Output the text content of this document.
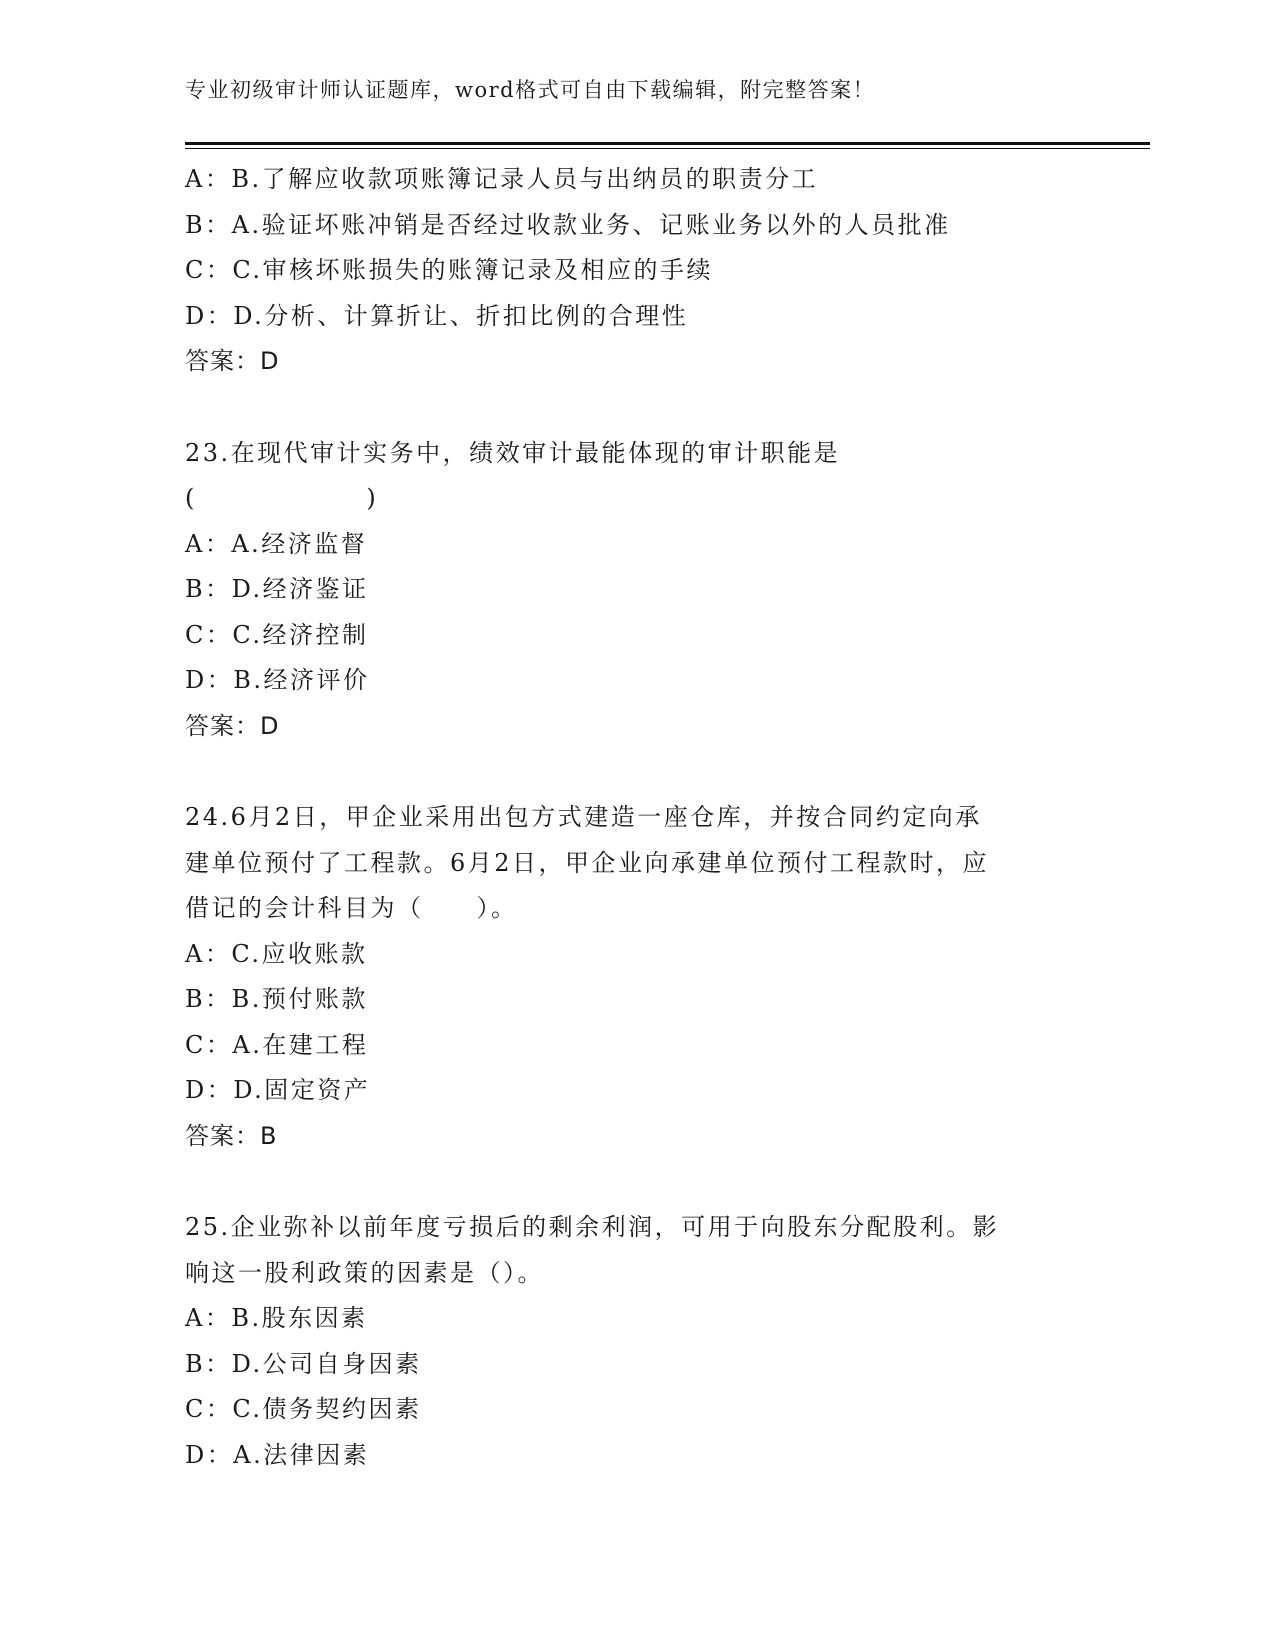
专业初级审计师认证题库，word格式可自由下载编辑，附完整答案！
A：B.了解应收款项账簿记录人员与出纳员的职责分工
B：A.验证坏账冲销是否经过收款业务、记账业务以外的人员批准
C：C.审核坏账损失的账簿记录及相应的手续
D：D.分析、计算折让、折扣比例的合理性
答案：D
23.在现代审计实务中，绩效审计最能体现的审计职能是
(	)
A：A.经济监督
B：D.经济鉴证
C：C.经济控制
D：B.经济评价
答案：D
24.6月2日，甲企业采用出包方式建造一座仓库，并按合同约定向承
建单位预付了工程款。6月2日，甲企业向承建单位预付工程款时，应
借记的会计科目为（　　）。
A：C.应收账款
B：B.预付账款
C：A.在建工程
D：D.固定资产
答案：B
25.企业弥补以前年度亏损后的剩余利润，可用于向股东分配股利。影
响这一股利政策的因素是（）。
A：B.股东因素
B：D.公司自身因素
C：C.债务契约因素
D：A.法律因素
